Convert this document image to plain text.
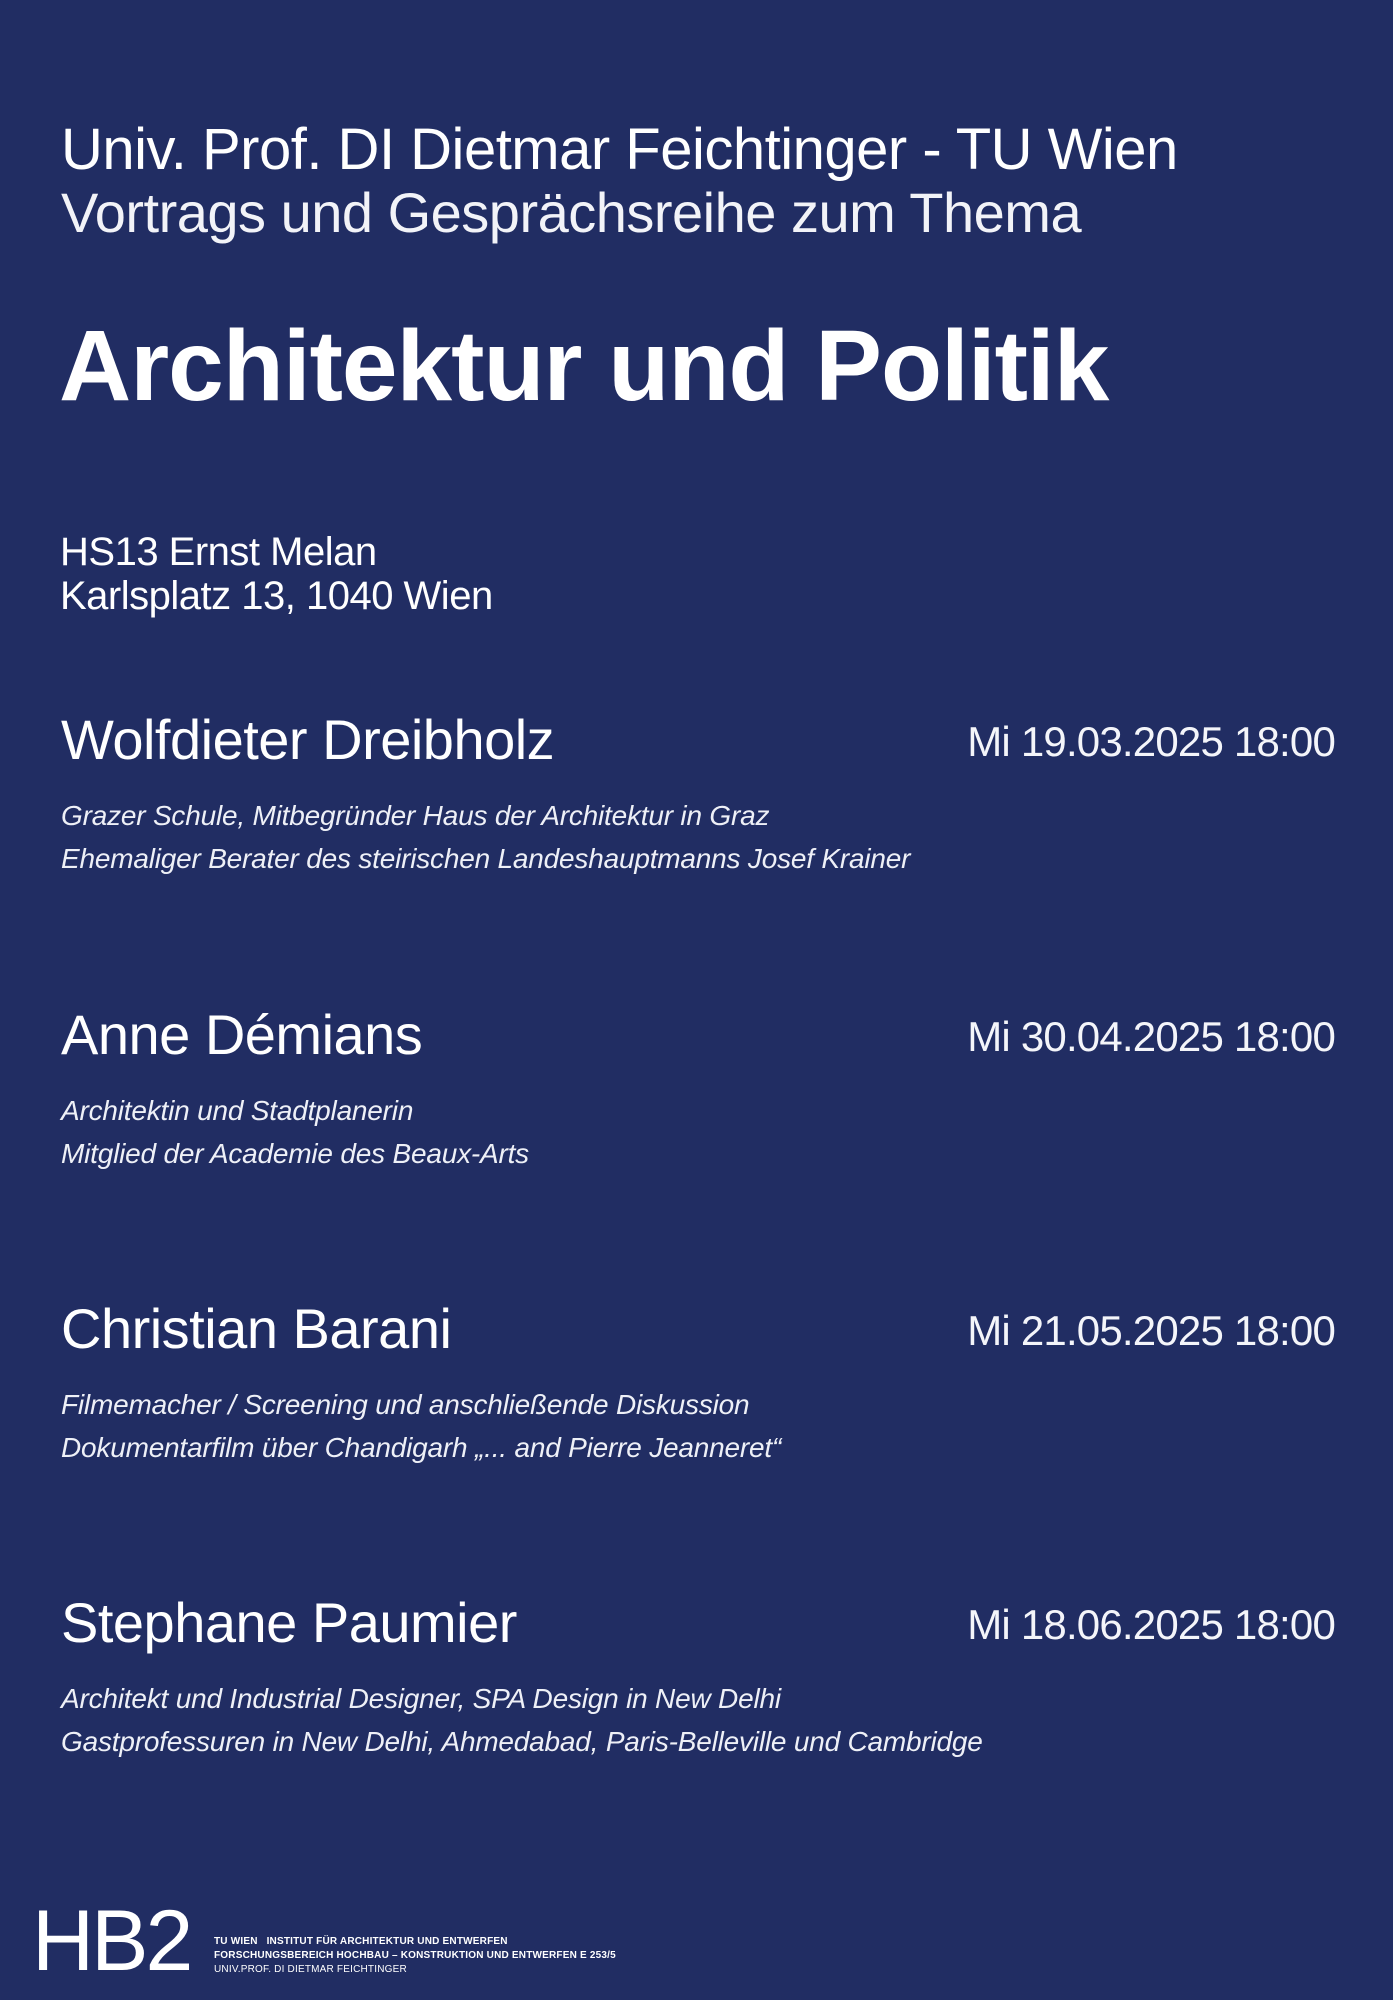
Univ. Prof. DI Dietmar Feichtinger - TU Wien
Vortrags und Gesprächsreihe zum Thema
Architektur und Politik
HS13 Ernst Melan
Karlsplatz 13, 1040 Wien
Wolfdieter Dreibholz	Mi 19.03.2025 18:00
Grazer Schule, Mitbegründer Haus der Architektur in Graz
Ehemaliger Berater des steirischen Landeshauptmanns Josef Krainer
Anne Démians	Mi 30.04.2025 18:00
Architektin und Stadtplanerin
Mitglied der Academie des Beaux-Arts
Christian Barani	Mi 21.05.2025 18:00
Filmemacher / Screening und anschließende Diskussion
Dokumentarfilm über Chandigarh „... and Pierre Jeanneret“
Stephane Paumier	Mi 18.06.2025 18:00
Architekt und Industrial Designer, SPA Design in New Delhi
Gastprofessuren in New Delhi, Ahmedabad, Paris-Belleville und Cambridge
HB2 TU WIEN INSTITUT FÜR ARCHITEKTUR UND ENTWERFEN
FORSCHUNGSBEREICH HOCHBAU – KONSTRUKTION UND ENTWERFEN E 253/5
UNIV.PROF. DI DIETMAR FEICHTINGER
